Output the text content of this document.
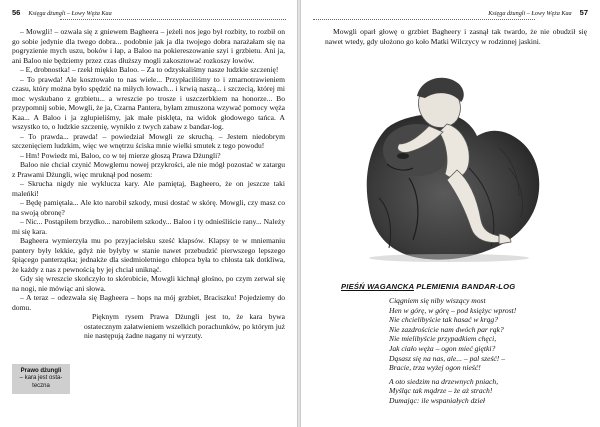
56 Księga dżungli – Łowy Węża Kaa

– Mowgli! – ozwała się z gniewem Bagheera – jeżeli nos jego był rozbity, to rozbił on go sobie jedynie dla twego dobra... podobnie jak ja dla twojego dobra narażałam się na pogryzienie mych uszu, boków i łap, a Baloo na pokiereszowanie szyi i grzbietu. Ani ja, ani Baloo nie będziemy przez czas dłuższy mogli zakosztować rozkoszy łowów.

– E, drobnostka! – rzekł miękko Baloo. – Za to odzyskaliśmy nasze ludzkie szczenię!

– To prawda! Ale kosztowało to nas wiele... Przypłaciliśmy to i zmarnotrawieniem czasu, który można było spędzić na miłych łowach... i krwią naszą... i szczecią, której mi moc wyskubano z grzbietu... a wreszcie po trosze i uszczerbkiem na honorze... Bo przypomnij sobie, Mowgli, że ja, Czarna Pantera, byłam zmuszona wzywać pomocy węża Kaa... A Baloo i ja zgłupieliśmy, jak małe pisklęta, na widok głodowego tańca. A wszystko to, o ludzkie szczenię, wynikło z twych zabaw z bandar-log.

– To prawda... prawda! – powiedział Mowgli ze skruchą. – Jestem niedobrym szczenięciem ludzkim, więc we wnętrzu ściska mnie wielki smutek z tego powodu!

– Hm! Powiedz mi, Baloo, co w tej mierze głoszą Prawa Dżungli?

Baloo nie chciał czynić Mowglemu nowej przykrości, ale nie mógł pozostać w zatargu z Prawami Dżungli, więc mruknął pod nosem:

– Skrucha nigdy nie wyklucza kary. Ale pamiętaj, Bagheero, że on jeszcze taki maleńki!

– Będę pamiętała... Ale kto narobił szkody, musi dostać w skórę. Mowgli, czy masz co na swoją obronę?

– Nic... Postąpiłem brzydko... narobiłem szkody... Baloo i ty odnieśliście rany... Należy mi się kara.

Bagheera wymierzyła mu po przyjacielsku sześć klapsów. Klapsy te w mniemaniu pantery były lekkie, gdyż nie byłyby w stanie nawet przebudzić pierwszego lepszego śpiącego panterzątka; jednakże dla siedmioletniego chłopca była to chłosta tak dotkliwa, że każdy z nas z pewnością by jej chciał uniknąć.

Gdy się wreszcie skończyło to skórobicie, Mowgli kichnął głośno, po czym zerwał się na nogi, nie mówiąc ani słowa.

– A teraz – odezwała się Bagheera – hops na mój grzbiet, Braciszku! Pojedziemy do domu.

Pięknym rysem Prawa Dżungli jest to, że kara bywa ostatecznym załatwieniem wszelkich porachunków, po którym już nie następują żadne nagany ni wyrzuty.

Prawo dżungli
– kara jest osta-
teczna
Księga dżungli – Łowy Węża Kaa 57

Mowgli oparł głowę o grzbiet Bagheery i zasnął tak twardo, że nie obudził się nawet wtedy, gdy ułożono go koło Matki Wilczycy w rodzinnej jaskini.

PIEŚŃ WAGANCKA PLEMIENIA BANDAR-LOG
Ciągniem się niby wiszący most
Hen w górę, w górę – pod księżyc wprost!
Nie chcielibyście tak hasać w krąg?
Nie zazdrościcie nam dwóch par rąk?
Nie mielibyście przypadkiem chęci,
Jak ciało węża – ogon mieć giętki?
Dąsasz się na nas, ale... – pal sześć! –
Bracie, trza wyżej ogon nieść!
A oto siedzim na drzewnych pniach,
Myśląc tak mądrze – że aż strach!
Dumając: ile wspaniałych dzieł
